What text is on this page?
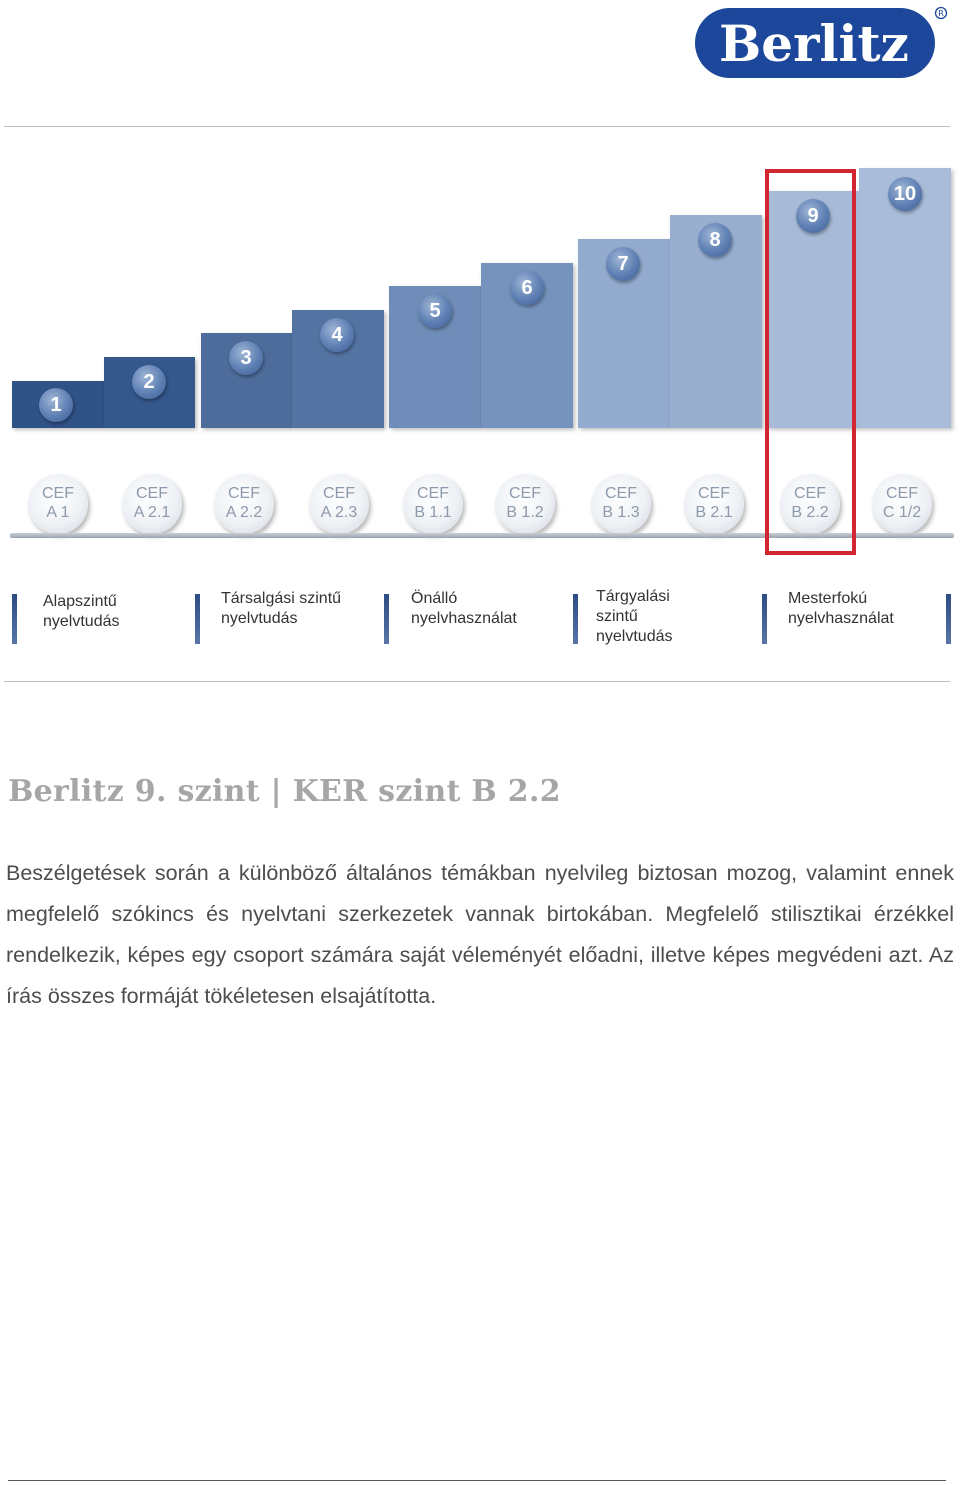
Berlitz
R
1
2
3
4
5
6
7
8
9
10
CEF
A 1
CEF
A 2.1
CEF
A 2.2
CEF
A 2.3
CEF
B 1.1
CEF
B 1.2
CEF
B 1.3
CEF
B 2.1
CEF
B 2.2
CEF
C 1/2
Alapszintű
nyelvtudás
Társalgási szintű
nyelvtudás
Önálló
nyelvhasználat
Tárgyalási
szintű
nyelvtudás
Mesterfokú
nyelvhasználat
Berlitz 9. szint | KER szint B 2.2
Beszélgetések során a különböző általános témákban nyelvileg biztosan mozog, valamint ennek megfelelő szókincs és nyelvtani szerkezetek vannak birtokában. Megfelelő stilisztikai érzékkel rendelkezik, képes egy csoport számára saját véleményét előadni, illetve képes megvédeni azt. Az írás összes formáját tökéletesen elsajátította.
